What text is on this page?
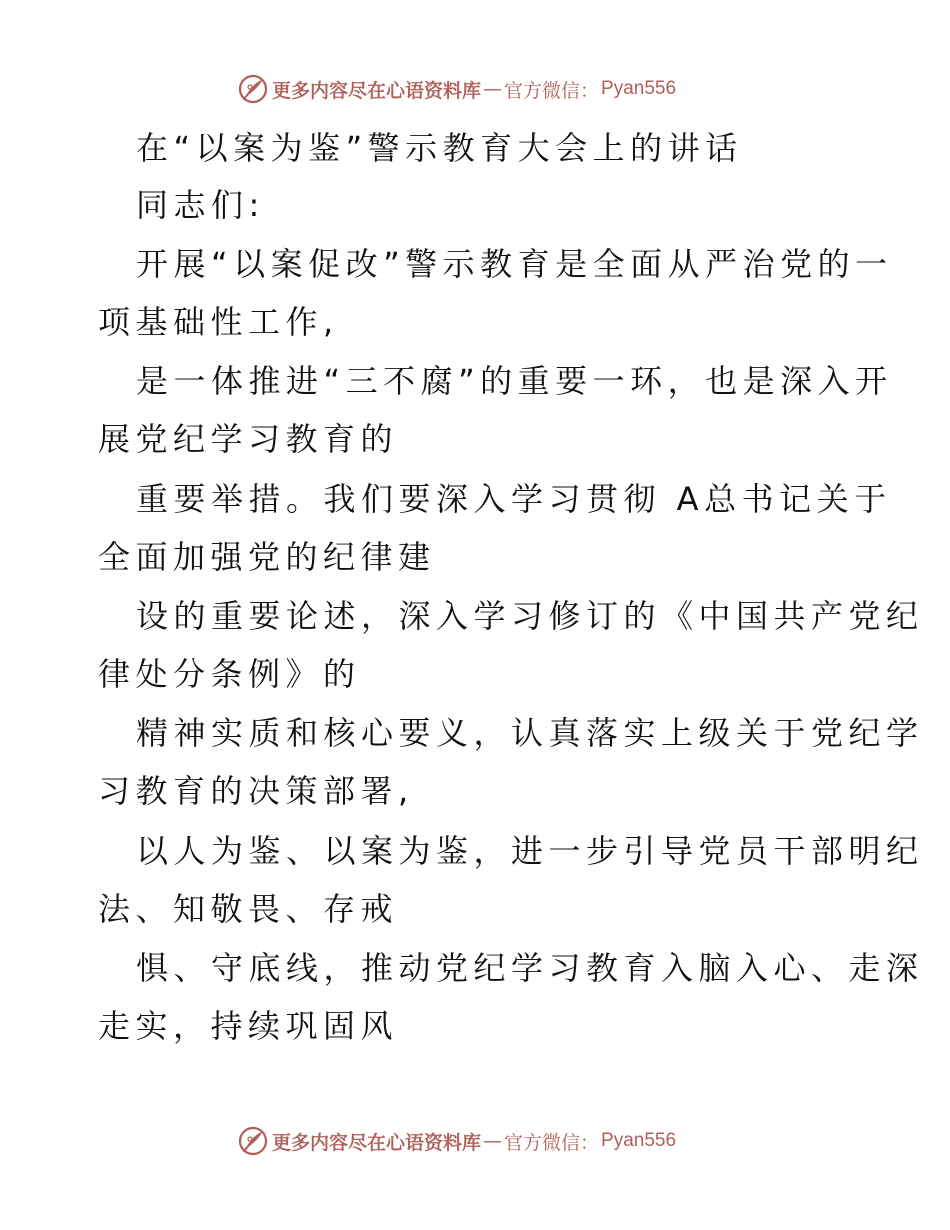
更多内容尽在心语资料库 — 官方微信： Pyan556
在“以案为鉴”警示教育大会上的讲话
同志们:
开展“以案促改”警示教育是全面从严治党的一
项基础性工作,
是一体推进“三不腐”的重要一环，也是深入开
展党纪学习教育的
重要举措。我们要深入学习贯彻 A总书记关于
全面加强党的纪律建
设的重要论述，深入学习修订的《中国共产党纪
律处分条例》的
精神实质和核心要义，认真落实上级关于党纪学
习教育的决策部署,
以人为鉴、以案为鉴，进一步引导党员干部明纪
法、知敬畏、存戒
惧、守底线，推动党纪学习教育入脑入心、走深
走实，持续巩固风
更多内容尽在心语资料库 — 官方微信： Pyan556
